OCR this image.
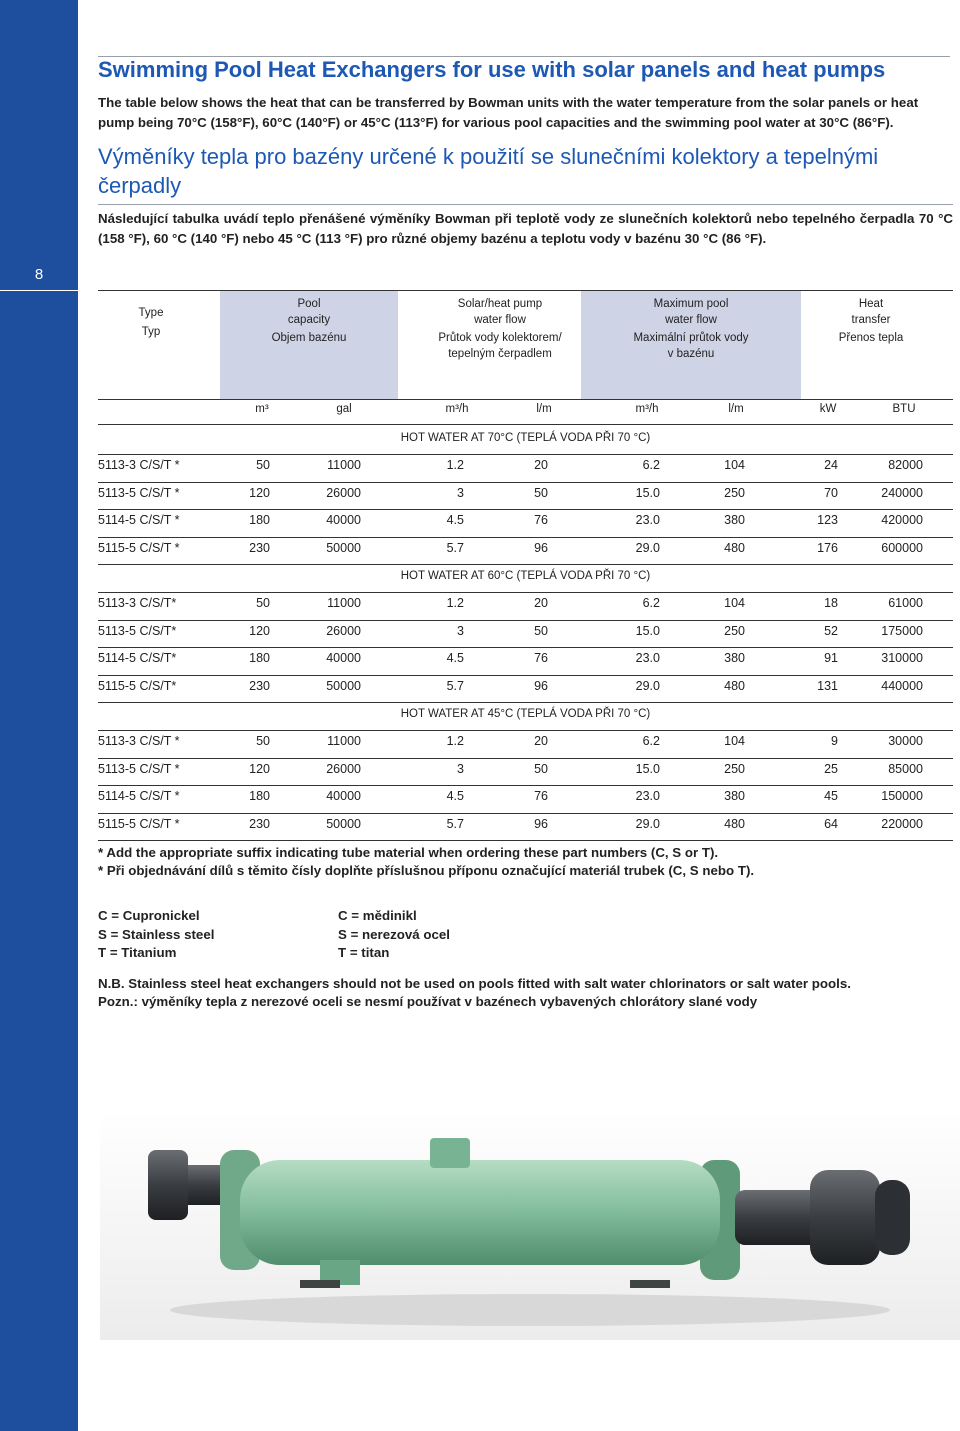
8
Swimming Pool Heat Exchangers for use with solar panels and heat pumps
The table below shows the heat that can be transferred by Bowman units with the water temperature from the solar panels or heat pump being 70°C (158°F), 60°C (140°F) or 45°C (113°F) for various pool capacities and the swimming pool water at 30°C (86°F).
Výměníky tepla pro bazény určené k použití se slunečními kolektory a tepelnými čerpadly
Následující tabulka uvádí teplo přenášené výměníky Bowman při teplotě vody ze slunečních kolektorů nebo tepelného čerpadla 70 °C (158 °F), 60 °C (140 °F) nebo 45 °C (113 °F) pro různé objemy bazénu a teplotu vody v bazénu 30 °C (86 °F).
Type
Typ
Pool
capacity
Objem bazénu
Solar/heat pump
water flow
Průtok vody kolektorem/
tepelným čerpadlem
Maximum pool
water flow
Maximální průtok vody
v bazénu
Heat
transfer
Přenos tepla
m³	gal	m³/h	l/m	m³/h	l/m	kW	BTU
HOT WATER AT 70°C (TEPLÁ VODA PŘI 70 °C)
5113-3 C/S/T *	50	11000	1.2	20	6.2	104	24	82000
5113-5 C/S/T *	120	26000	3	50	15.0	250	70	240000
5114-5 C/S/T *	180	40000	4.5	76	23.0	380	123	420000
5115-5 C/S/T *	230	50000	5.7	96	29.0	480	176	600000
HOT WATER AT 60°C (TEPLÁ VODA PŘI 70 °C)
5113-3 C/S/T*	50	11000	1.2	20	6.2	104	18	61000
5113-5 C/S/T*	120	26000	3	50	15.0	250	52	175000
5114-5 C/S/T*	180	40000	4.5	76	23.0	380	91	310000
5115-5 C/S/T*	230	50000	5.7	96	29.0	480	131	440000
HOT WATER AT 45°C (TEPLÁ VODA PŘI 70 °C)
5113-3 C/S/T *	50	11000	1.2	20	6.2	104	9	30000
5113-5 C/S/T *	120	26000	3	50	15.0	250	25	85000
5114-5 C/S/T *	180	40000	4.5	76	23.0	380	45	150000
5115-5 C/S/T *	230	50000	5.7	96	29.0	480	64	220000
* Add the appropriate suffix indicating tube material when ordering these part numbers (C, S or T).
* Při objednávání dílů s těmito čísly doplňte příslušnou příponu označující materiál trubek (C, S nebo T).
C = Cupronickel
S = Stainless steel
T = Titanium
C = mědinikl
S = nerezová ocel
T = titan
N.B. Stainless steel heat exchangers should not be used on pools fitted with salt water chlorinators or salt water pools.
Pozn.: výměníky tepla z nerezové oceli se nesmí používat v bazénech vybavených chlorátory slané vody
